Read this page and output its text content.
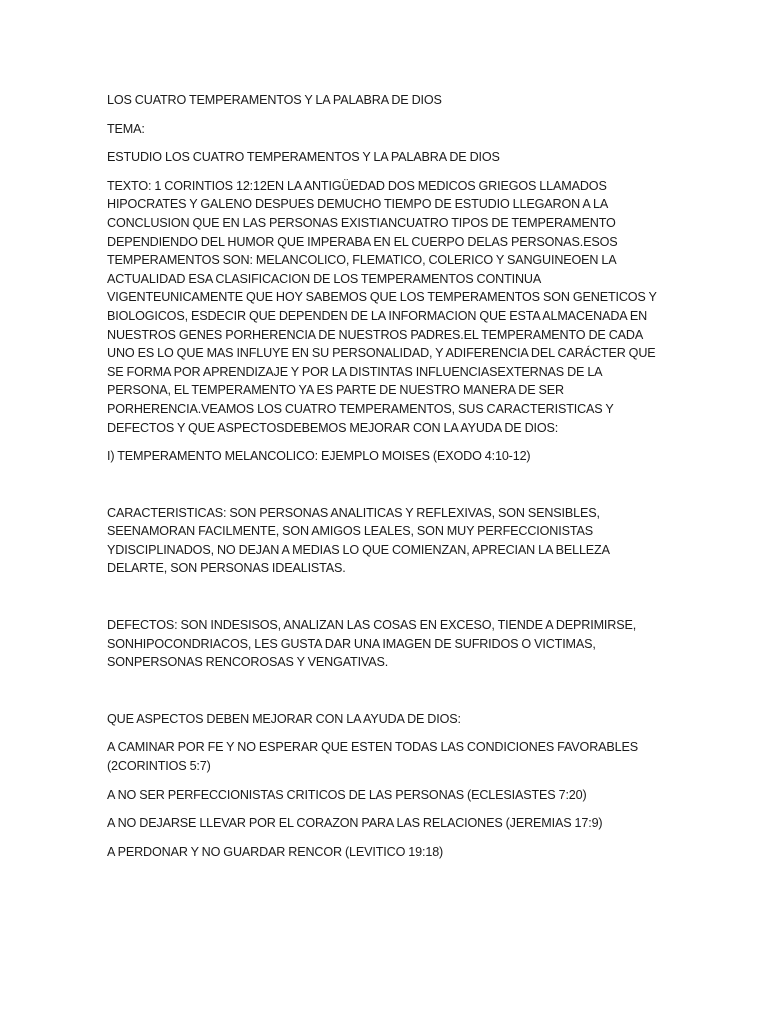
LOS CUATRO TEMPERAMENTOS Y LA PALABRA DE DIOS

TEMA:

ESTUDIO LOS CUATRO TEMPERAMENTOS Y LA PALABRA DE DIOS

TEXTO: 1 CORINTIOS 12:12EN LA ANTIGÜEDAD DOS MEDICOS GRIEGOS LLAMADOS HIPOCRATES Y GALENO DESPUES DEMUCHO TIEMPO DE ESTUDIO LLEGARON A LA CONCLUSION QUE EN LAS PERSONAS EXISTIANCUATRO TIPOS DE TEMPERAMENTO DEPENDIENDO DEL HUMOR QUE IMPERABA EN EL CUERPO DELAS PERSONAS.ESOS TEMPERAMENTOS SON: MELANCOLICO, FLEMATICO, COLERICO Y SANGUINEOEN LA ACTUALIDAD ESA CLASIFICACION DE LOS TEMPERAMENTOS CONTINUA VIGENTEUNICAMENTE QUE HOY SABEMOS QUE LOS TEMPERAMENTOS SON GENETICOS Y BIOLOGICOS, ESDECIR QUE DEPENDEN DE LA INFORMACION QUE ESTA ALMACENADA EN NUESTROS GENES PORHERENCIA DE NUESTROS PADRES.EL TEMPERAMENTO DE CADA UNO ES LO QUE MAS INFLUYE EN SU PERSONALIDAD, Y ADIFERENCIA DEL CARÁCTER QUE SE FORMA POR APRENDIZAJE Y POR LA DISTINTAS INFLUENCIASEXTERNAS DE LA PERSONA, EL TEMPERAMENTO YA ES PARTE DE NUESTRO MANERA DE SER PORHERENCIA.VEAMOS LOS CUATRO TEMPERAMENTOS, SUS CARACTERISTICAS Y DEFECTOS Y QUE ASPECTOSDEBEMOS MEJORAR CON LA AYUDA DE DIOS:

I) TEMPERAMENTO MELANCOLICO: EJEMPLO MOISES (EXODO 4:10-12)

CARACTERISTICAS: SON PERSONAS ANALITICAS Y REFLEXIVAS, SON SENSIBLES, SEENAMORAN FACILMENTE, SON AMIGOS LEALES, SON MUY PERFECCIONISTAS YDISCIPLINADOS, NO DEJAN A MEDIAS LO QUE COMIENZAN, APRECIAN LA BELLEZA DELARTE, SON PERSONAS IDEALISTAS.

DEFECTOS: SON INDESISOS, ANALIZAN LAS COSAS EN EXCESO, TIENDE A DEPRIMIRSE, SONHIPOCONDRIACOS, LES GUSTA DAR UNA IMAGEN DE SUFRIDOS O VICTIMAS, SONPERSONAS RENCOROSAS Y VENGATIVAS.

QUE ASPECTOS DEBEN MEJORAR CON LA AYUDA DE DIOS:

A CAMINAR POR FE Y NO ESPERAR QUE ESTEN TODAS LAS CONDICIONES FAVORABLES (2CORINTIOS 5:7)

A NO SER PERFECCIONISTAS CRITICOS DE LAS PERSONAS (ECLESIASTES 7:20)

A NO DEJARSE LLEVAR POR EL CORAZON PARA LAS RELACIONES (JEREMIAS 17:9)

A PERDONAR Y NO GUARDAR RENCOR (LEVITICO 19:18)
